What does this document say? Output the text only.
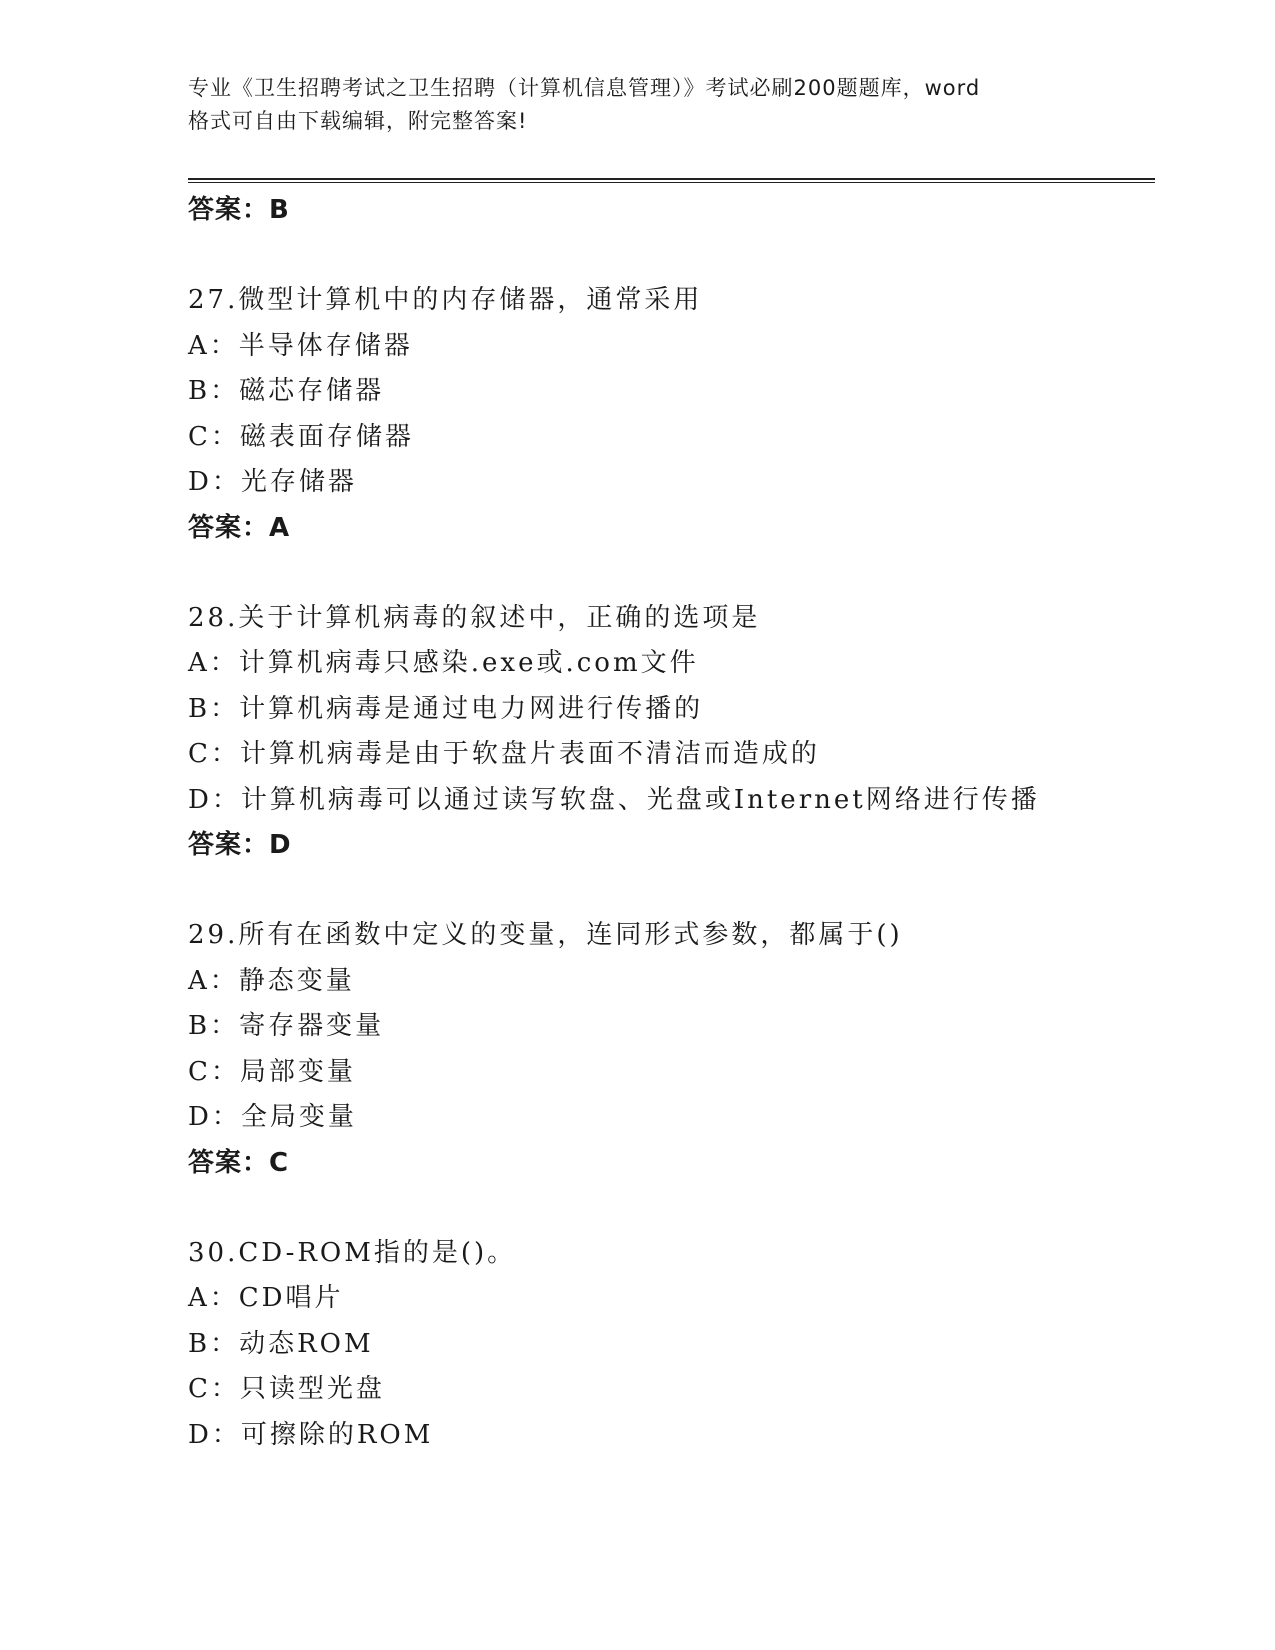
专业《卫生招聘考试之卫生招聘（计算机信息管理）》考试必刷200题题库，word
格式可自由下载编辑，附完整答案!
答案：B
27.微型计算机中的内存储器，通常采用
A：半导体存储器
B：磁芯存储器
C：磁表面存储器
D：光存储器
答案：A
28.关于计算机病毒的叙述中，正确的选项是
A：计算机病毒只感染.exe或.com文件
B：计算机病毒是通过电力网进行传播的
C：计算机病毒是由于软盘片表面不清洁而造成的
D：计算机病毒可以通过读写软盘、光盘或Internet网络进行传播
答案：D
29.所有在函数中定义的变量，连同形式参数，都属于()
A：静态变量
B：寄存器变量
C：局部变量
D：全局变量
答案：C
30.CD-ROM指的是()。
A：CD唱片
B：动态ROM
C：只读型光盘
D：可擦除的ROM
